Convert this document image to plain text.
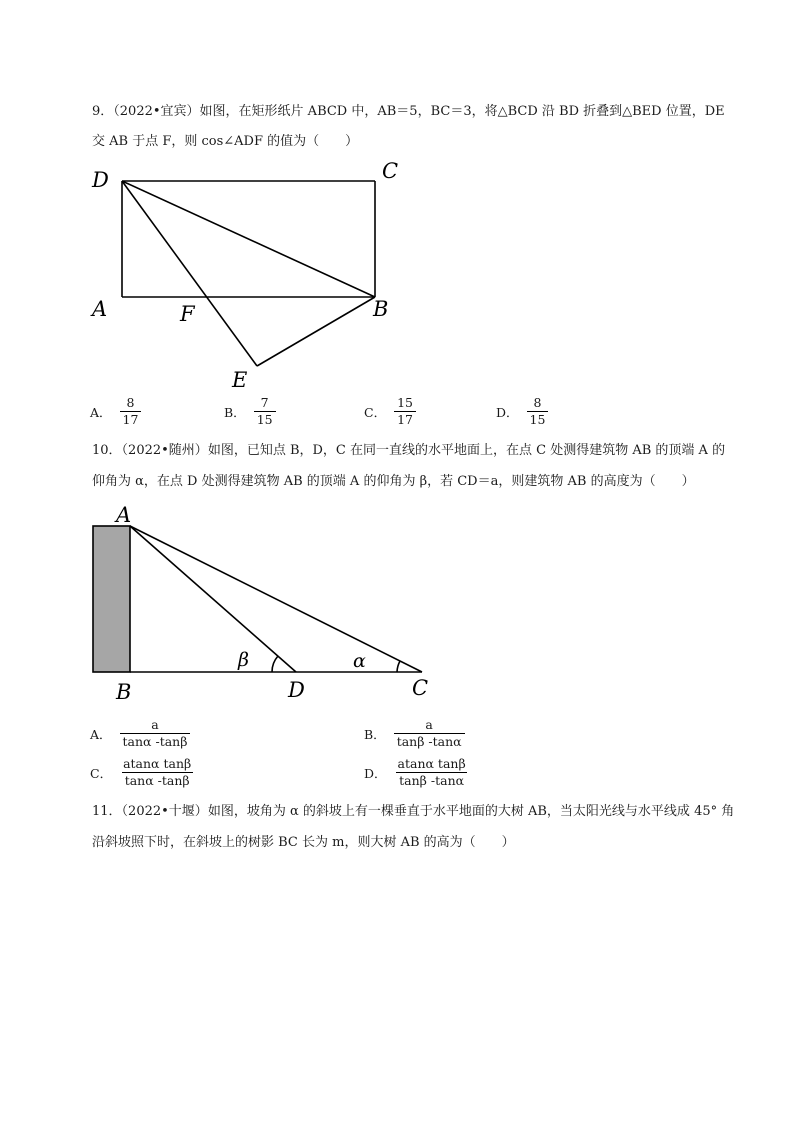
9．（2022•宜宾）如图，在矩形纸片 ABCD 中，AB＝5，BC＝3，将△BCD 沿 BD 折叠到△BED 位置，DE
交 AB 于点 F，则 cos∠ADF 的值为（　　）
D	C
A	F	B
E
A． $\frac{8}{17}$	B． $\frac{7}{15}$	C． $\frac{15}{17}$	D． $\frac{8}{15}$
10．（2022•随州）如图，已知点 B，D，C 在同一直线的水平地面上，在点 C 处测得建筑物 AB 的顶端 A 的
仰角为 α，在点 D 处测得建筑物 AB 的顶端 A 的仰角为 β，若 CD＝a，则建筑物 AB 的高度为（　　）
A
B	D	C
β	α
A． $\frac{a}{\tan\alpha -\tan\beta}$	B． $\frac{a}{\tan\beta -\tan\alpha}$
C． $\frac{\text{atanα tanβ}}{\tan\alpha -\tan\beta}$	D． $\frac{\text{atanα tanβ}}{\tan\beta -\tan\alpha}$
11．（2022•十堰）如图，坡角为 α 的斜坡上有一棵垂直于水平地面的大树 AB，当太阳光线与水平线成 45° 角
沿斜坡照下时，在斜坡上的树影 BC 长为 m，则大树 AB 的高为（　　）
